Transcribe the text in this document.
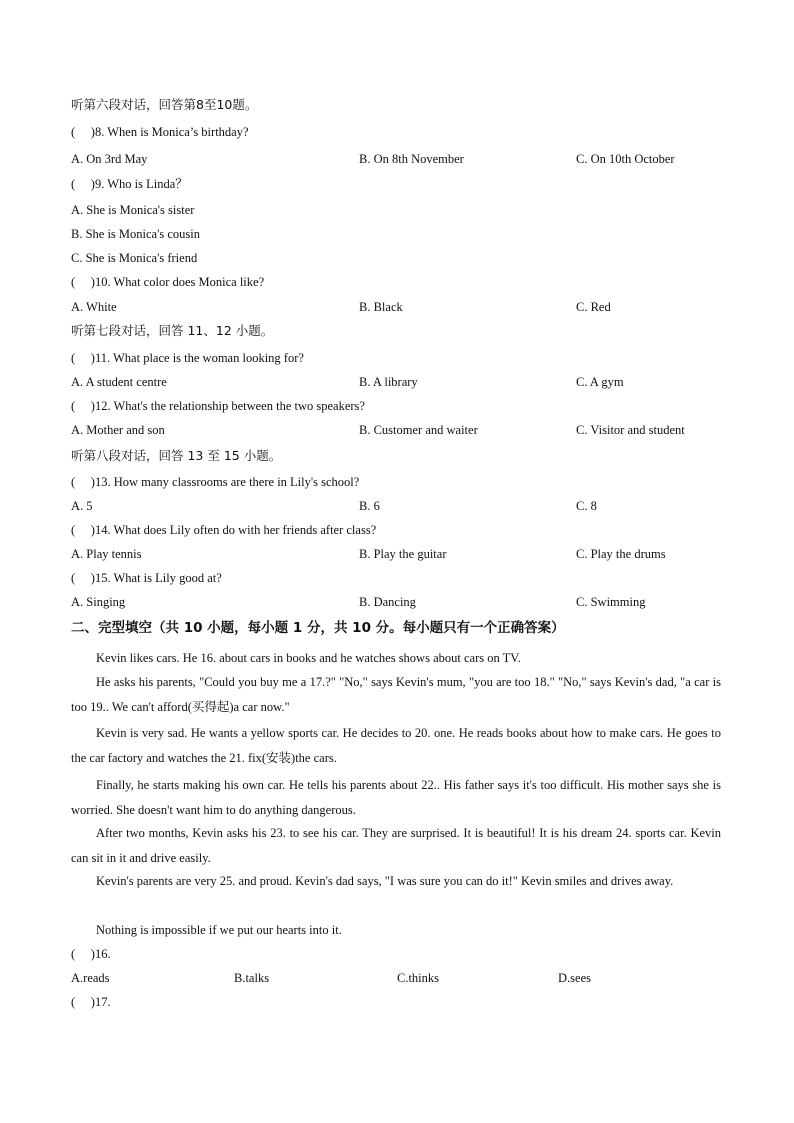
听第六段对话，回答第8至10题。
(　 )8. When is Monica’s birthday?
A. On 3rd May	B. On 8th November	C. On 10th October
(　 )9. Who is Linda？
A. She is Monica's sister
B. She is Monica's cousin
C. She is Monica's friend
(　 )10. What color does Monica like?
A. White	B. Black	C. Red
听第七段对话，回答 11、12 小题。
(　 )11. What place is the woman looking for?
A. A student centre	B. A library	C. A gym
(　 )12. What's the relationship between the two speakers?
A. Mother and son	B. Customer and waiter	C. Visitor and student
听第八段对话，回答 13 至 15 小题。
(　 )13. How many classrooms are there in Lily's school?
A. 5	B. 6	C. 8
(　 )14. What does Lily often do with her friends after class?
A. Play tennis	B. Play the guitar	C. Play the drums
(　 )15. What is Lily good at?
A. Singing	B. Dancing	C. Swimming
二、完型填空（共 10 小题，每小题 1 分，共 10 分。每小题只有一个正确答案）
Kevin likes cars. He 16. about cars in books and he watches shows about cars on TV.
He asks his parents, "Could you buy me a 17.?" "No," says Kevin's mum, "you are too 18." "No," says Kevin's dad, "a car is too 19.. We can't afford(买得起)a car now."
Kevin is very sad. He wants a yellow sports car. He decides to 20. one. He reads books about how to make cars. He goes to the car factory and watches the 21. fix(安装)the cars.
Finally, he starts making his own car. He tells his parents about 22.. His father says it's too difficult. His mother says she is worried. She doesn't want him to do anything dangerous.
After two months, Kevin asks his 23. to see his car. They are surprised. It is beautiful! It is his dream 24. sports car. Kevin can sit in it and drive easily.
Kevin's parents are very 25. and proud. Kevin's dad says, "I was sure you can do it!" Kevin smiles and drives away.
Nothing is impossible if we put our hearts into it.
(　 )16.
A.reads	B.talks	C.thinks	D.sees
(　 )17.
